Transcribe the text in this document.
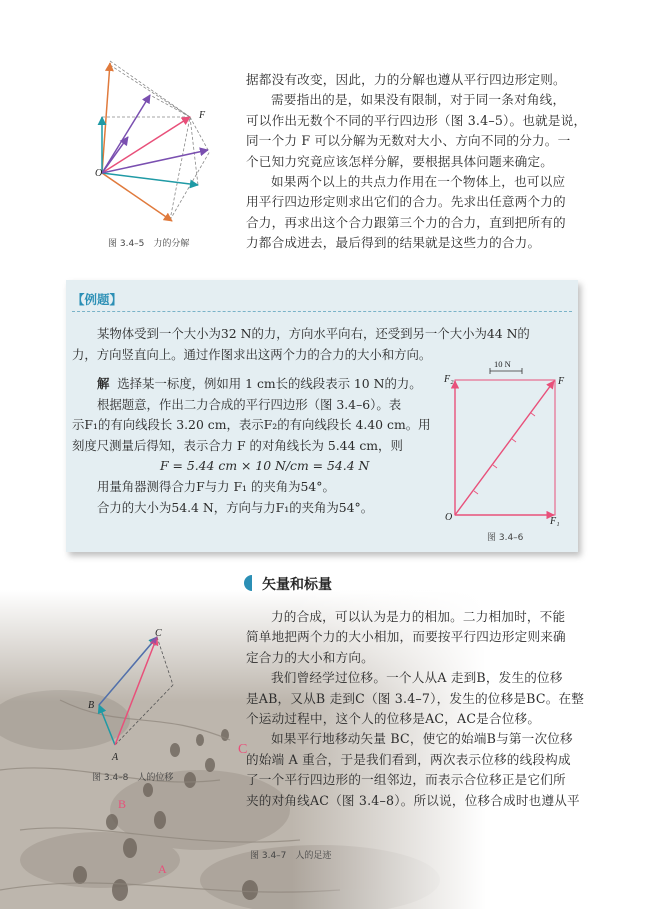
F
O
图 3.4–5　力的分解

据都没有改变，因此，力的分解也遵从平行四边形定则。

需要指出的是，如果没有限制，对于同一条对角线，

可以作出无数个不同的平行四边形（图 3.4–5）。也就是说，

同一个力 F 可以分解为无数对大小、方向不同的分力。一

个已知力究竟应该怎样分解，要根据具体问题来确定。

如果两个以上的共点力作用在一个物体上，也可以应

用平行四边形定则求出它们的合力。先求出任意两个力的

合力，再求出这个合力跟第三个力的合力，直到把所有的

力都合成进去，最后得到的结果就是这些力的合力。

【例题】

某物体受到一个大小为32 N的力，方向水平向右，还受到另一个大小为44 N的

力，方向竖直向上。通过作图求出这两个力的合力的大小和方向。

解 选择某一标度，例如用 1 cm长的线段表示 10 N的力。

根据题意，作出二力合成的平行四边形（图 3.4–6）。表

示F₁的有向线段长 3.20 cm，表示F₂的有向线段长 4.40 cm。用

刻度尺测量后得知，表示合力 F 的对角线长为 5.44 cm，则

F = 5.44 cm × 10 N/cm = 54.4 N

用量角器测得合力F与力 F₁ 的夹角为54°。

合力的大小为54.4 N，方向与力F₁的夹角为54°。

10 N
F₂	F
O	F₁
图 3.4–6
矢量和标量

力的合成，可以认为是力的相加。二力相加时，不能

简单地把两个力的大小相加，而要按平行四边形定则来确

定合力的大小和方向。

我们曾经学过位移。一个人从A 走到B，发生的位移

是AB，又从B 走到C（图 3.4–7），发生的位移是BC。在整

个运动过程中，这个人的位移是AC，AC是合位移。

如果平行地移动矢量 BC，使它的始端B与第一次位移

的始端 A 重合，于是我们看到，两次表示位移的线段构成

了一个平行四边形的一组邻边，而表示合位移正是它们所

夹的对角线AC（图 3.4–8）。所以说，位移合成时也遵从平

C
B
A
图 3.4–8　人的位移
C
B
A
图 3.4–7　人的足迹
